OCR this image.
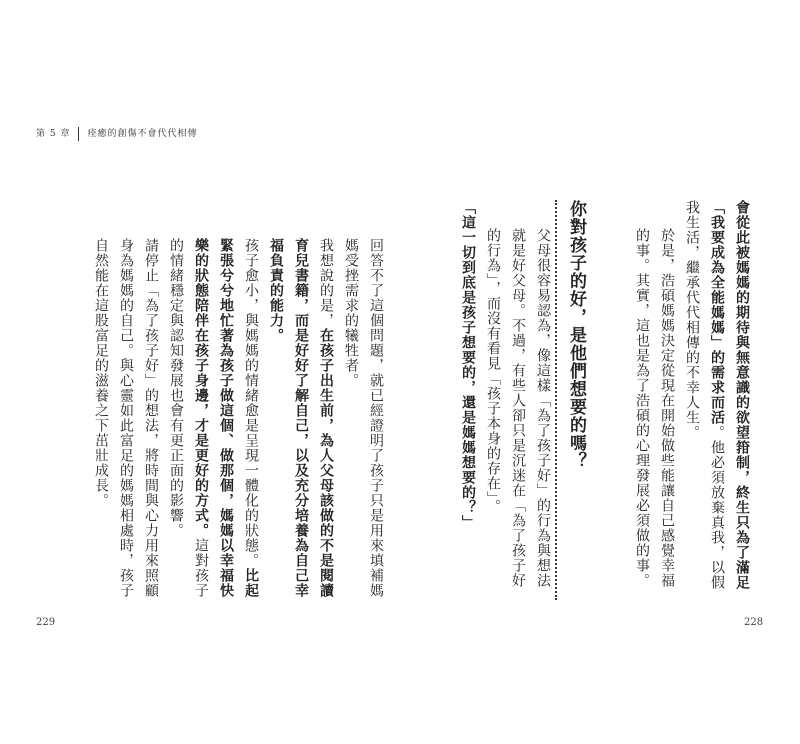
第 5 章 痊癒的創傷不會代代相傳

會從此被媽媽的期待與無意識的欲望箝制，終生只為了滿足「我要成為全能媽媽」的需求而活。他必須放棄真我，以假我生活，繼承代代相傳的不幸人生。

於是，浩碩媽媽決定從現在開始做些能讓自己感覺幸福的事。其實，這也是為了浩碩的心理發展必須做的事。

你對孩子的好，是他們想要的嗎？

父母很容易認為，像這樣「為了孩子好」的行為與想法就是好父母。不過，有些人卻只是沉迷在「為了孩子好的行為」，而沒有看見「孩子本身的存在」。

「這一切到底是孩子想要的，還是媽媽想要的？」

回答不了這個問題，就已經證明了孩子只是用來填補媽媽受挫需求的犧牲者。

我想說的是，在孩子出生前，為人父母該做的不是閱讀育兒書籍，而是好好了解自己，以及充分培養為自己幸福負責的能力。

孩子愈小，與媽媽的情緒愈是呈現一體化的狀態。比起緊張兮兮地忙著為孩子做這個、做那個，媽媽以幸福快樂的狀態陪伴在孩子身邊，才是更好的方式。這對孩子的情緒穩定與認知發展也會有更正面的影響。

請停止「為了孩子好」的想法，將時間與心力用來照顧身為媽媽的自己。與心靈如此富足的媽媽相處時，孩子自然能在這股富足的滋養之下茁壯成長。

229	228
